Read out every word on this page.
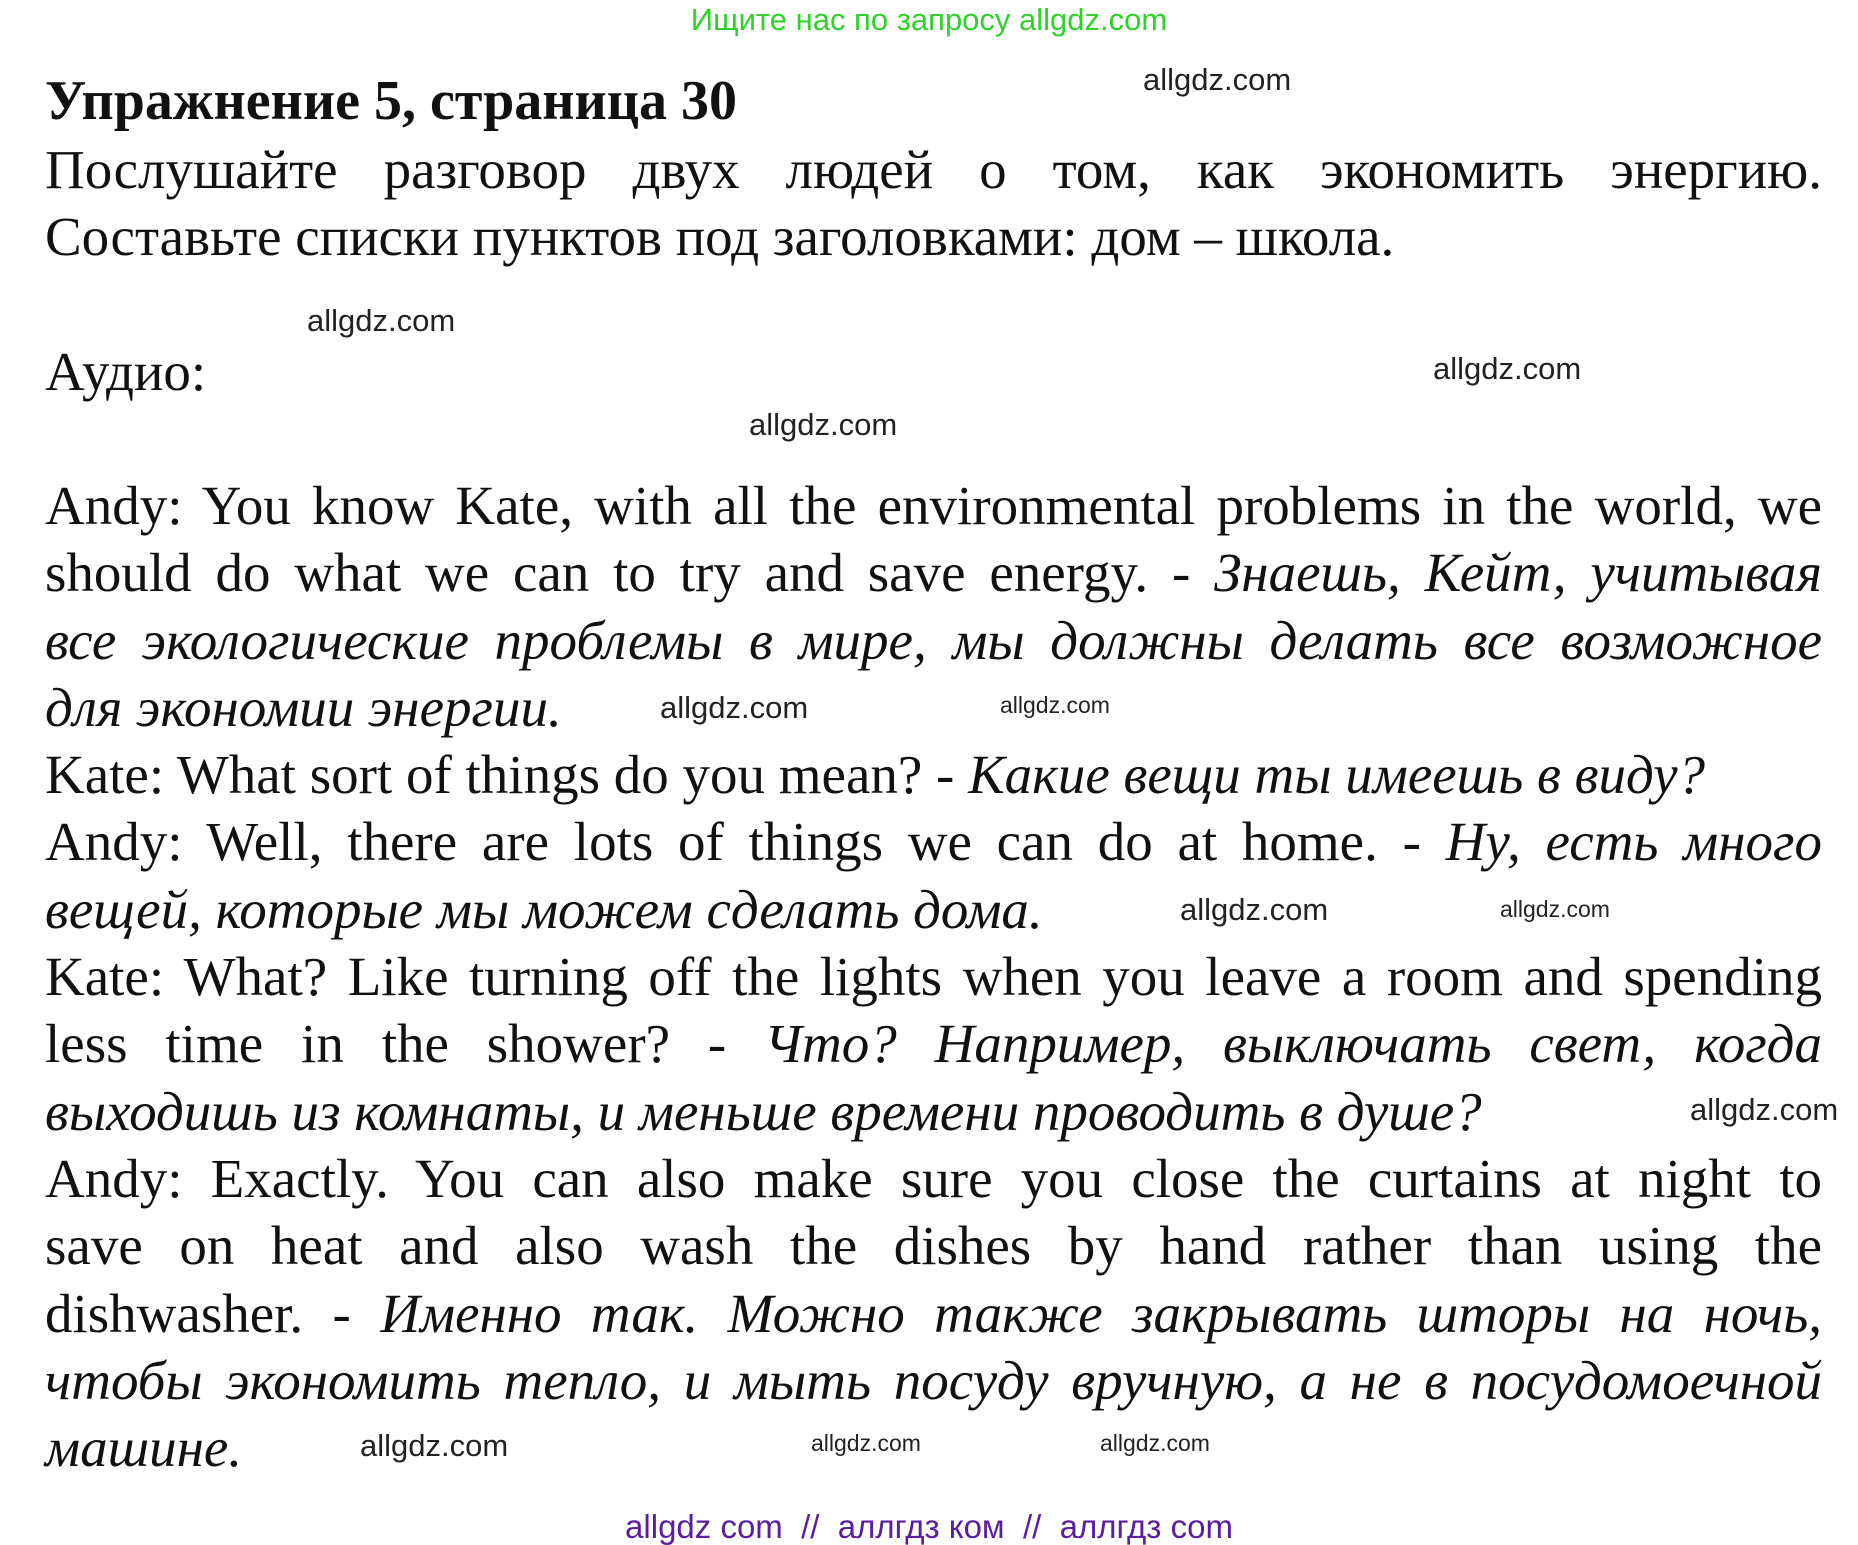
Ищите нас по запросу allgdz.com
Упражнение 5, страница 30
Послушайте разговор двух людей о том, как экономить энергию.
Составьте списки пунктов под заголовками: дом – школа.
Аудио:
Andy: You know Kate, with all the environmental problems in the world, we
should do what we can to try and save energy. - Знаешь, Кейт, учитывая
все экологические проблемы в мире, мы должны делать все возможное
для экономии энергии.
Kate: What sort of things do you mean? - Какие вещи ты имеешь в виду?
Andy: Well, there are lots of things we can do at home. - Ну, есть много
вещей, которые мы можем сделать дома.
Kate: What? Like turning off the lights when you leave a room and spending
less time in the shower? - Что? Например, выключать свет, когда
выходишь из комнаты, и меньше времени проводить в душе?
Andy: Exactly. You can also make sure you close the curtains at night to
save on heat and also wash the dishes by hand rather than using the
dishwasher. - Именно так. Можно также закрывать шторы на ночь,
чтобы экономить тепло, и мыть посуду вручную, а не в посудомоечной
машине.
allgdz.com
allgdz.com
allgdz.com
allgdz.com
allgdz.com
allgdz.com
allgdz.com
allgdz.com
allgdz.com
allgdz.com
allgdz.com	allgdz.com
allgdz com  //  аллгдз ком  //  аллгдз com
